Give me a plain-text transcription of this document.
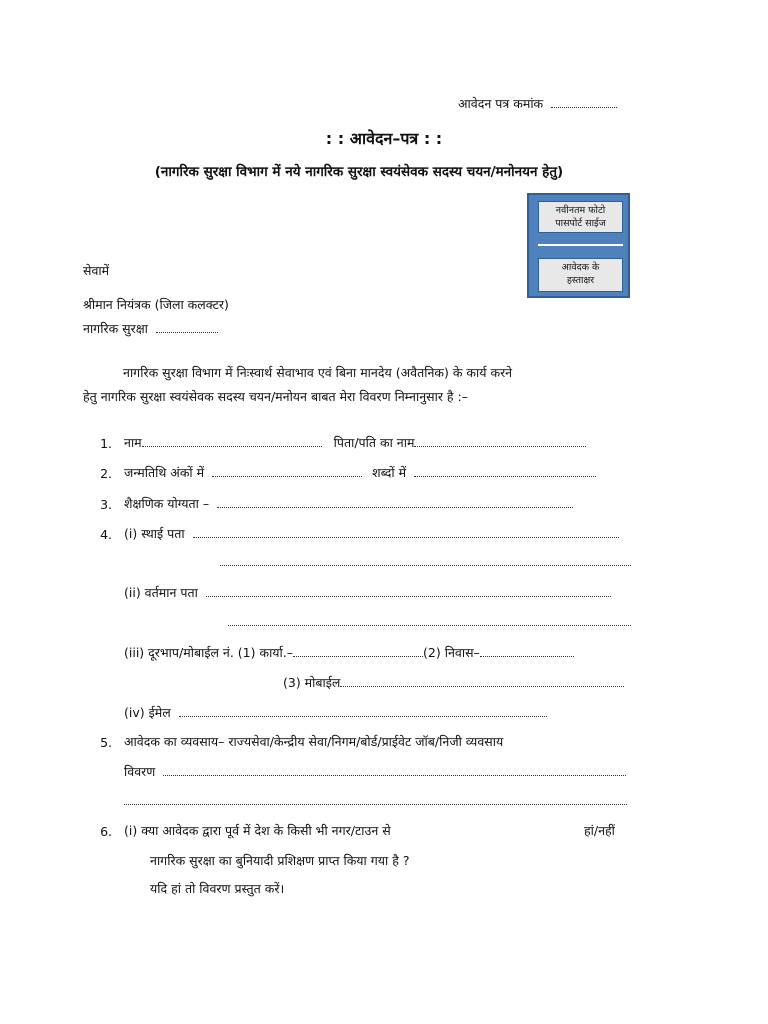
आवेदन पत्र कमांक
: : आवेदन–पत्र : :
(नागरिक सुरक्षा विभाग में नये नागरिक सुरक्षा स्वयंसेवक सदस्य चयन/मनोनयन हेतु)
नवीनतम फोटो
पासपोर्ट साईज
आवेदक के
हस्ताक्षर
सेवामें
श्रीमान नियंत्रक (जिला कलक्टर)
नागरिक सुरक्षा
नागरिक सुरक्षा विभाग में निःस्वार्थ सेवाभाव एवं बिना मानदेय (अवैतनिक) के कार्य करने
हेतु नागरिक सुरक्षा स्वयंसेवक सदस्य चयन/मनोयन बाबत मेरा विवरण निम्नानुसार है :–
1. नाम	पिता/पति का नाम
2. जन्मतिथि अंकों में	शब्दों में
3. शैक्षणिक योग्यता –
4. (i) स्थाई पता
(ii) वर्तमान पता
(iii) दूरभाप/मोबाईल नं. (1) कार्या.–	(2) निवास–
(3) मोबाईल
(iv) ईमेल
5. आवेदक का व्यवसाय– राज्यसेवा/केन्द्रीय सेवा/निगम/बोर्ड/प्राईवेट जॉब/निजी व्यवसाय
विवरण
6. (i) क्या आवेदक द्वारा पूर्व में देश के किसी भी नगर/टाउन से	हां/नहीं
नागरिक सुरक्षा का बुनियादी प्रशिक्षण प्राप्त किया गया है ?
यदि हां तो विवरण प्रस्तुत करें।
